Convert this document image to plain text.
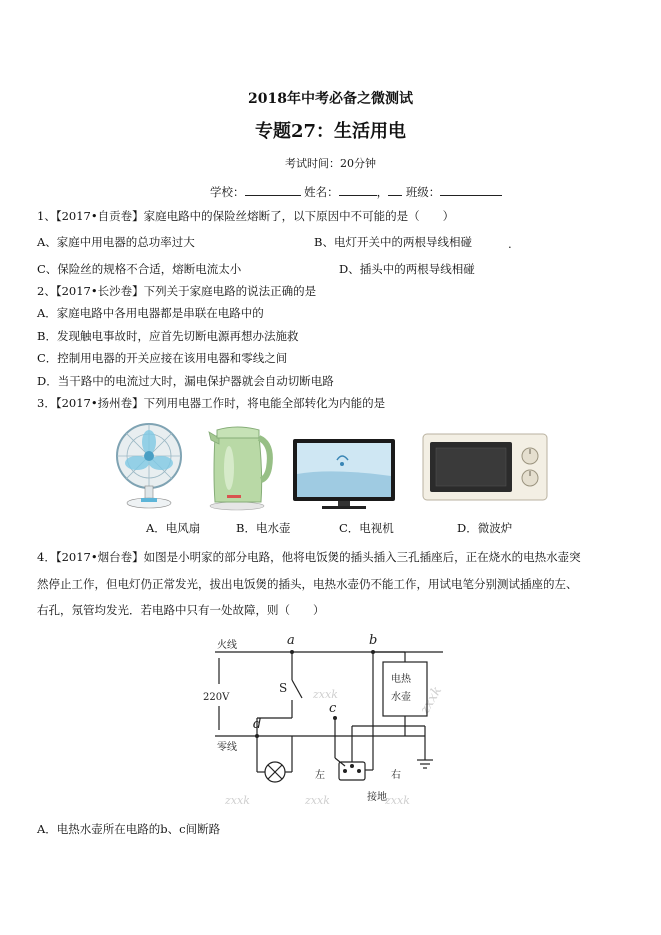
2018年中考必备之微测试
专题27：生活用电
考试时间：20分钟
学校：	姓名：	， 班级：
1、【2017•自贡卷】家庭电路中的保险丝熔断了，以下原因中不可能的是（　　）
A、家庭中用电器的总功率过大	B、电灯开关中的两根导线相碰	.
C、保险丝的规格不合适，熔断电流太小	D、插头中的两根导线相碰
2、【2017•长沙卷】下列关于家庭电路的说法正确的是
A．家庭电路中各用电器都是串联在电路中的
B．发现触电事故时，应首先切断电源再想办法施救
C．控制用电器的开关应接在该用电器和零线之间
D．当干路中的电流过大时，漏电保护器就会自动切断电路
3．【2017•扬州卷】下列用电器工作时，将电能全部转化为内能的是
A．电风扇	B．电水壶	C．电视机	D．微波炉
4．【2017•烟台卷】如图是小明家的部分电路，他将电饭煲的插头插入三孔插座后，正在烧水的电热水壶突
然停止工作，但电灯仍正常发光，拔出电饭煲的插头，电热水壶仍不能工作，用试电笔分别测试插座的左、
右孔，氖管均发光．若电路中只有一处故障，则（　　）
zxxk
zxxk	zxxk	zxxk
zxxk
火线
零线
220V
左	右
接地
电热
水壶
a	b
c
d
S
A．电热水壶所在电路的b、c间断路
